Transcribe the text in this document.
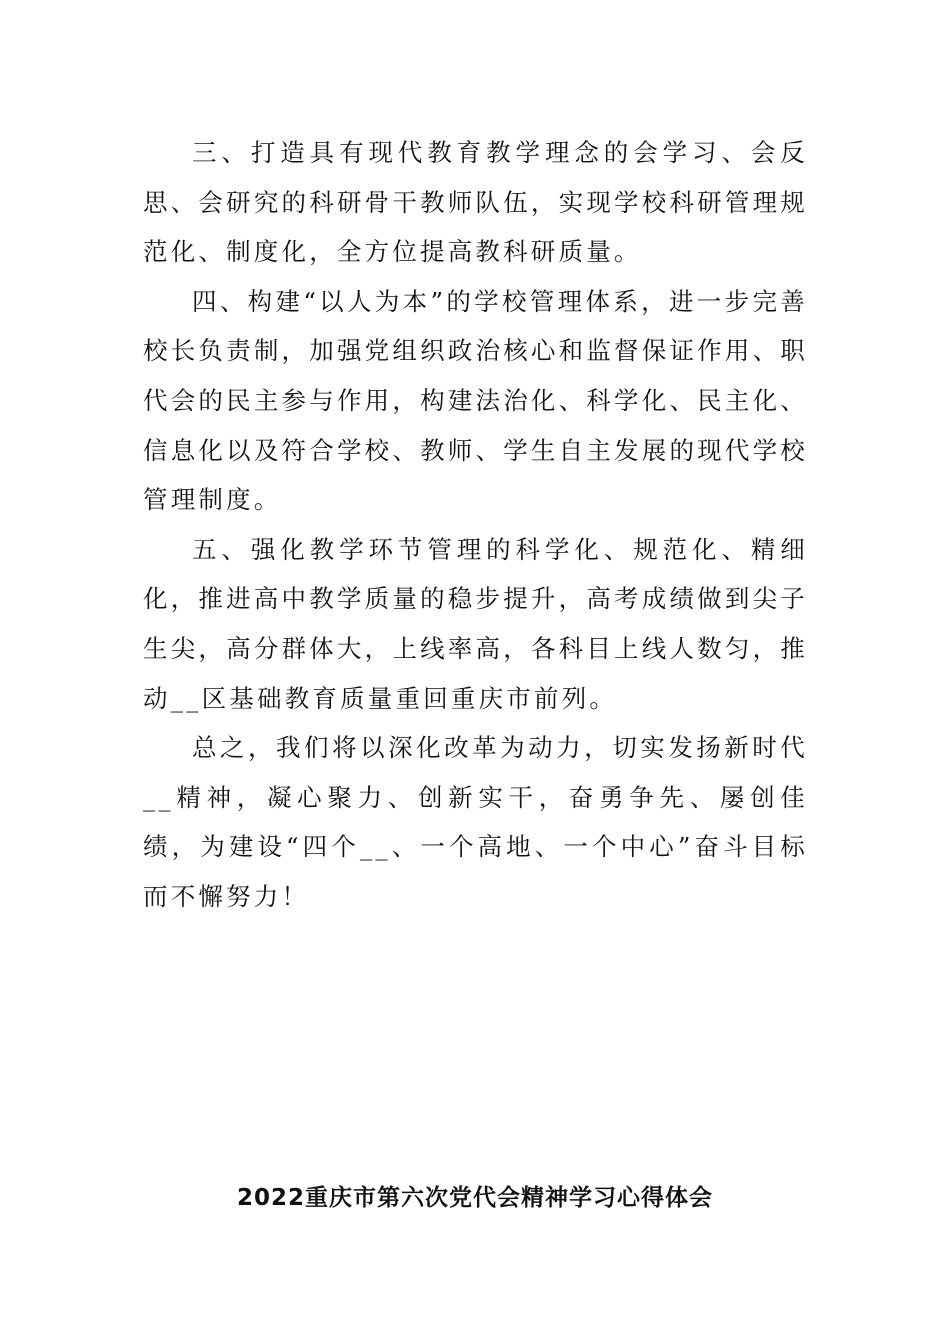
三、打造具有现代教育教学理念的会学习、会反思、会研究的科研骨干教师队伍，实现学校科研管理规范化、制度化，全方位提高教科研质量。

四、构建“以人为本”的学校管理体系，进一步完善校长负责制，加强党组织政治核心和监督保证作用、职代会的民主参与作用，构建法治化、科学化、民主化、信息化以及符合学校、教师、学生自主发展的现代学校管理制度。

五、强化教学环节管理的科学化、规范化、精细化，推进高中教学质量的稳步提升，高考成绩做到尖子生尖，高分群体大，上线率高，各科目上线人数匀，推动__区基础教育质量重回重庆市前列。

总之，我们将以深化改革为动力，切实发扬新时代__精神，凝心聚力、创新实干，奋勇争先、屡创佳绩，为建设“四个__、一个高地、一个中心”奋斗目标而不懈努力！

2022重庆市第六次党代会精神学习心得体会
